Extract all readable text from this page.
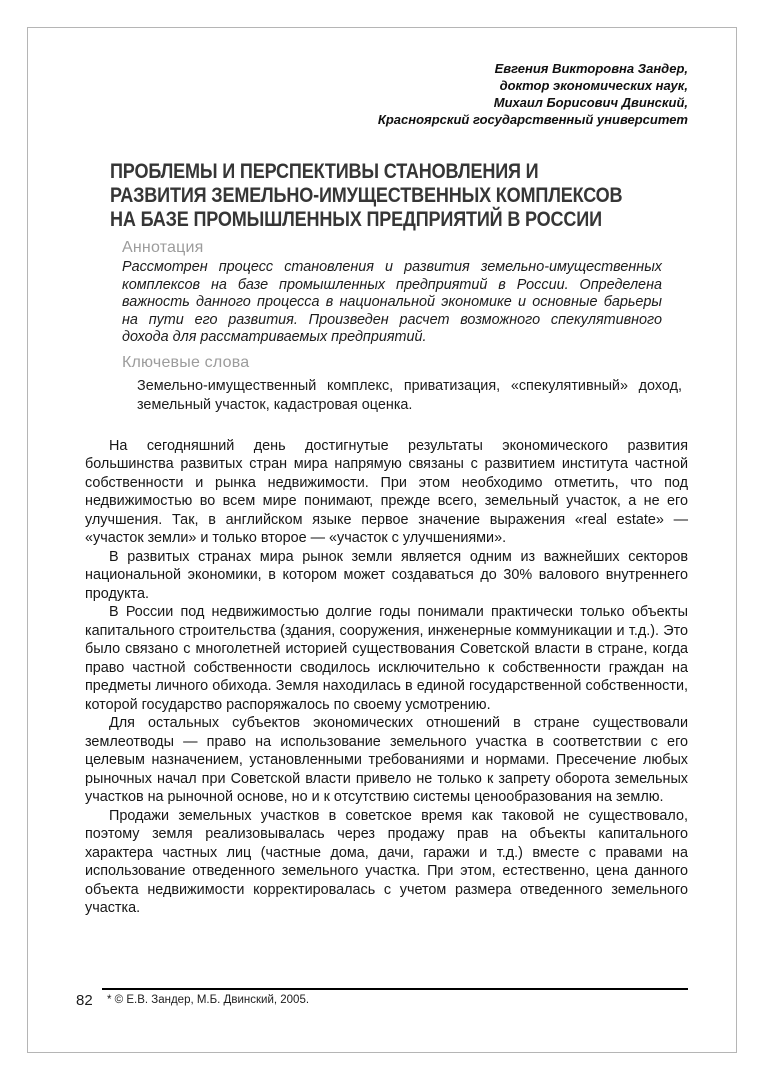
Евгения Викторовна Зандер,
доктор экономических наук,
Михаил Борисович Двинский,
Красноярский государственный университет
ПРОБЛЕМЫ И ПЕРСПЕКТИВЫ СТАНОВЛЕНИЯ И
РАЗВИТИЯ ЗЕМЕЛЬНО-ИМУЩЕСТВЕННЫХ КОМПЛЕКСОВ
НА БАЗЕ ПРОМЫШЛЕННЫХ ПРЕДПРИЯТИЙ В РОССИИ
Аннотация
Рассмотрен процесс становления и развития земельно-имущественных комплексов на базе промышленных предприятий в России. Определена важность данного процесса в национальной экономике и основные барьеры на пути его развития. Произведен расчет возможного спекулятивного дохода для рассматриваемых предприятий.
Ключевые слова
Земельно-имущественный комплекс, приватизация, «спекулятивный» доход, земельный участок, кадастровая оценка.

На сегодняшний день достигнутые результаты экономического развития большинства развитых стран мира напрямую связаны с развитием института частной собственности и рынка недвижимости. При этом необходимо отметить, что под недвижимостью во всем мире понимают, прежде всего, земельный участок, а не его улучшения. Так, в английском языке первое значение выражения «real estate» — «участок земли» и только второе — «участок с улучшениями».

В развитых странах мира рынок земли является одним из важнейших секторов национальной экономики, в котором может создаваться до 30% валового внутреннего продукта.

В России под недвижимостью долгие годы понимали практически только объекты капитального строительства (здания, сооружения, инженерные коммуникации и т.д.). Это было связано с многолетней историей существования Советской власти в стране, когда право частной собственности сводилось исключительно к собственности граждан на предметы личного обихода. Земля находилась в единой государственной собственности, которой государство распоряжалось по своему усмотрению.

Для остальных субъектов экономических отношений в стране существовали землеотводы — право на использование земельного участка в соответствии с его целевым назначением, установленными требованиями и нормами. Пресечение любых рыночных начал при Советской власти привело не только к запрету оборота земельных участков на рыночной основе, но и к отсутствию системы ценообразования на землю.

Продажи земельных участков в советское время как таковой не существовало, поэтому земля реализовывалась через продажу прав на объекты капитального характера частных лиц (частные дома, дачи, гаражи и т.д.) вместе с правами на использование отведенного земельного участка. При этом, естественно, цена данного объекта недвижимости корректировалась с учетом размера отведенного земельного участка.

82	* © Е.В. Зандер, М.Б. Двинский, 2005.
